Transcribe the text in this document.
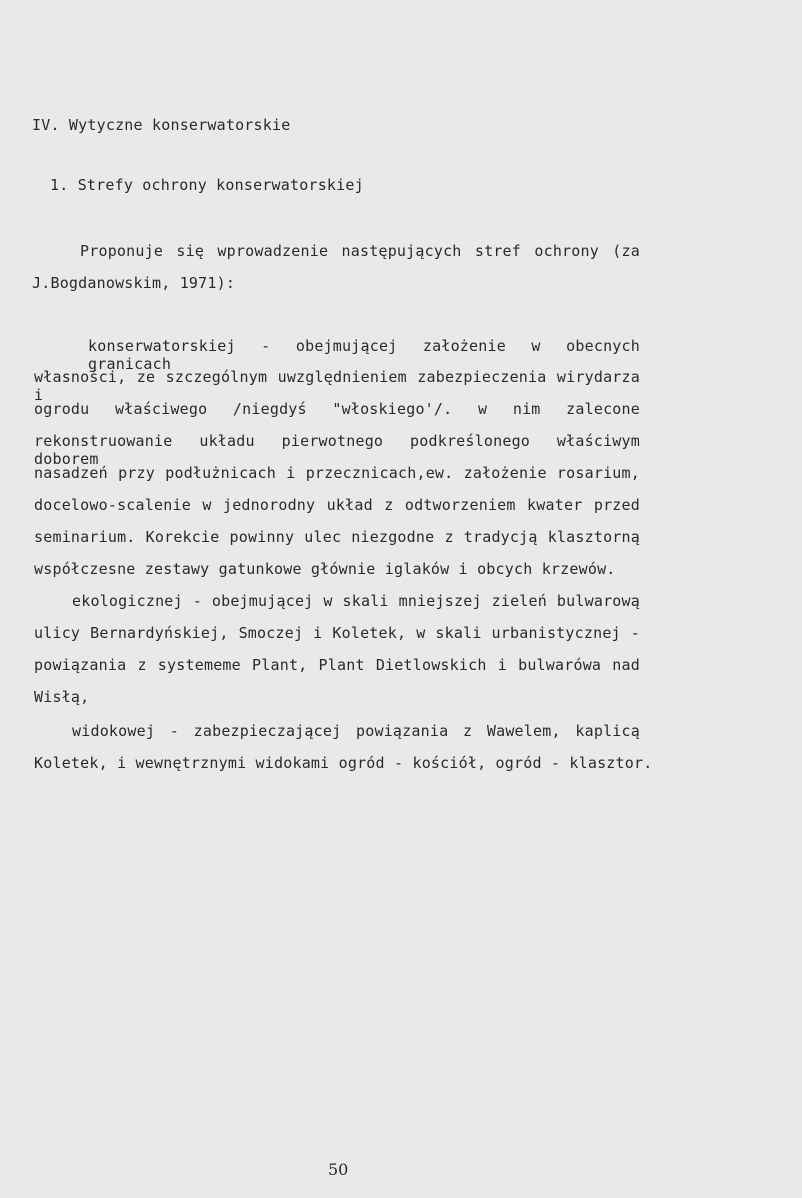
IV. Wytyczne konserwatorskie
1. Strefy ochrony konserwatorskiej
Proponuje się wprowadzenie następujących stref ochrony (za
J.Bogdanowskim, 1971):
konserwatorskiej - obejmującej założenie w obecnych granicach
własności, ze szczególnym uwzględnieniem zabezpieczenia wirydarza i
ogrodu właściwego /niegdyś "włoskiego'/. w nim zalecone
rekonstruowanie układu pierwotnego podkreślonego właściwym doborem
nasadzeń przy podłużnicach i przecznicach,ew. założenie rosarium,
docelowo-scalenie w jednorodny układ z odtworzeniem kwater przed
seminarium. Korekcie powinny ulec niezgodne z tradycją klasztorną
współczesne zestawy gatunkowe głównie iglaków i obcych krzewów.
ekologicznej - obejmującej w skali mniejszej zieleń bulwarową
ulicy Bernardyńskiej, Smoczej i Koletek, w skali urbanistycznej -
powiązania z systememe Plant, Plant Dietlowskich i bulwarówa nad
Wisłą,
widokowej - zabezpieczającej powiązania z Wawelem, kaplicą
Koletek, i wewnętrznymi widokami ogród - kościół, ogród - klasztor.
50
